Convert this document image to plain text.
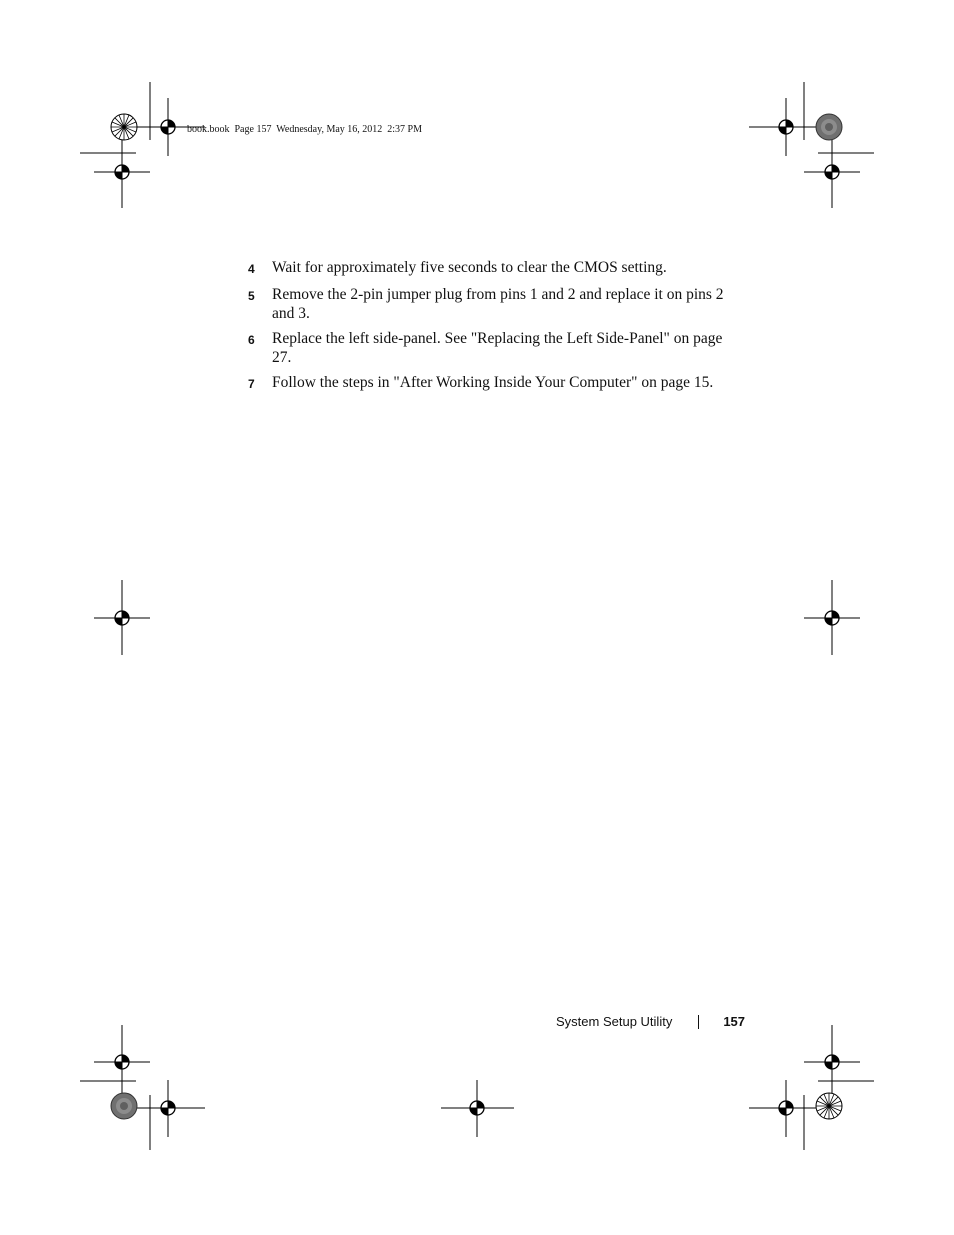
book.book  Page 157  Wednesday, May 16, 2012  2:37 PM
4	Wait for approximately five seconds to clear the CMOS setting.
5	Remove the 2-pin jumper plug from pins 1 and 2 and replace it on pins 2 and 3.
6	Replace the left side-panel. See "Replacing the Left Side-Panel" on page 27.
7	Follow the steps in "After Working Inside Your Computer" on page 15.
System Setup Utility	157
